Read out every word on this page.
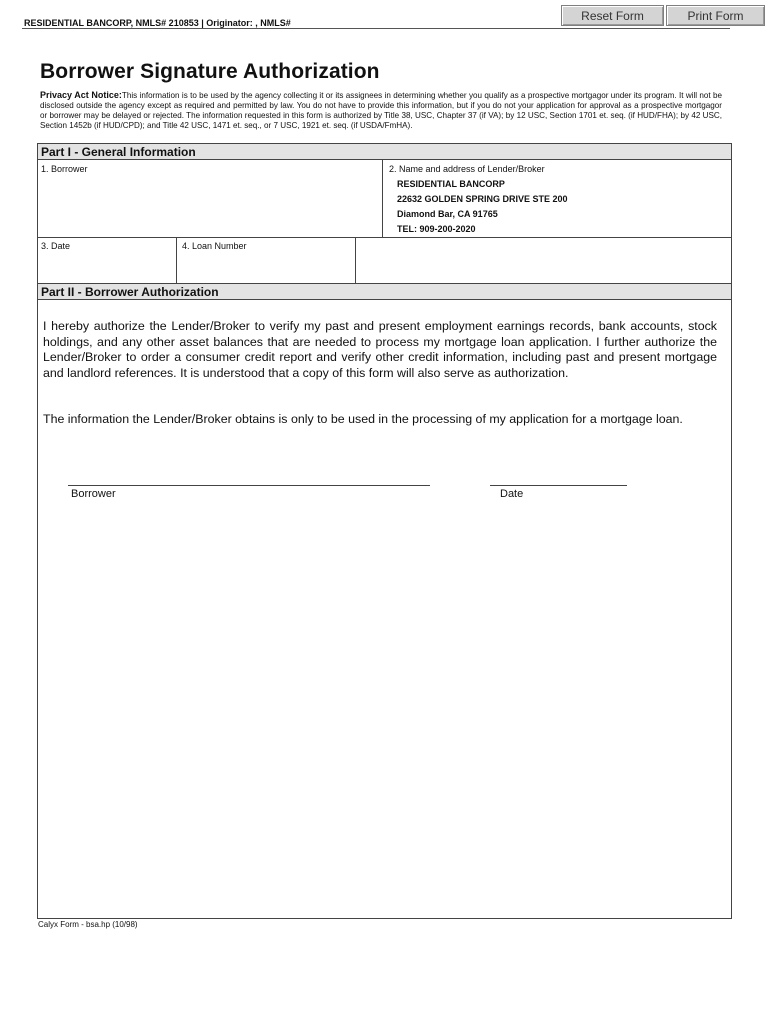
RESIDENTIAL BANCORP, NMLS# 210853 | Originator: , NMLS#	Reset Form	Print Form
Borrower Signature Authorization
Privacy Act Notice:This information is to be used by the agency collecting it or its assignees in determining whether you qualify as a prospective mortgagor under its program. It will not be disclosed outside the agency except as required and permitted by law. You do not have to provide this information, but if you do not your application for approval as a prospective mortgagor or borrower may be delayed or rejected. The information requested in this form is authorized by Title 38, USC, Chapter 37 (if VA); by 12 USC, Section 1701 et. seq. (if HUD/FHA); by 42 USC, Section 1452b (if HUD/CPD); and Title 42 USC, 1471 et. seq., or 7 USC, 1921 et. seq. (if USDA/FmHA).
Part I - General Information
1. Borrower	2. Name and address of Lender/Broker
RESIDENTIAL BANCORP
22632 GOLDEN SPRING DRIVE STE 200
Diamond Bar, CA 91765
TEL: 909-200-2020
3. Date	4. Loan Number
Part II - Borrower Authorization
I hereby authorize the Lender/Broker to verify my past and present employment earnings records, bank accounts, stock holdings, and any other asset balances that are needed to process my mortgage loan application. I further authorize the Lender/Broker to order a consumer credit report and verify other credit information, including past and present mortgage and landlord references. It is understood that a copy of this form will also serve as authorization.
The information the Lender/Broker obtains is only to be used in the processing of my application for a mortgage loan.
Borrower	Date
Calyx Form - bsa.hp (10/98)
